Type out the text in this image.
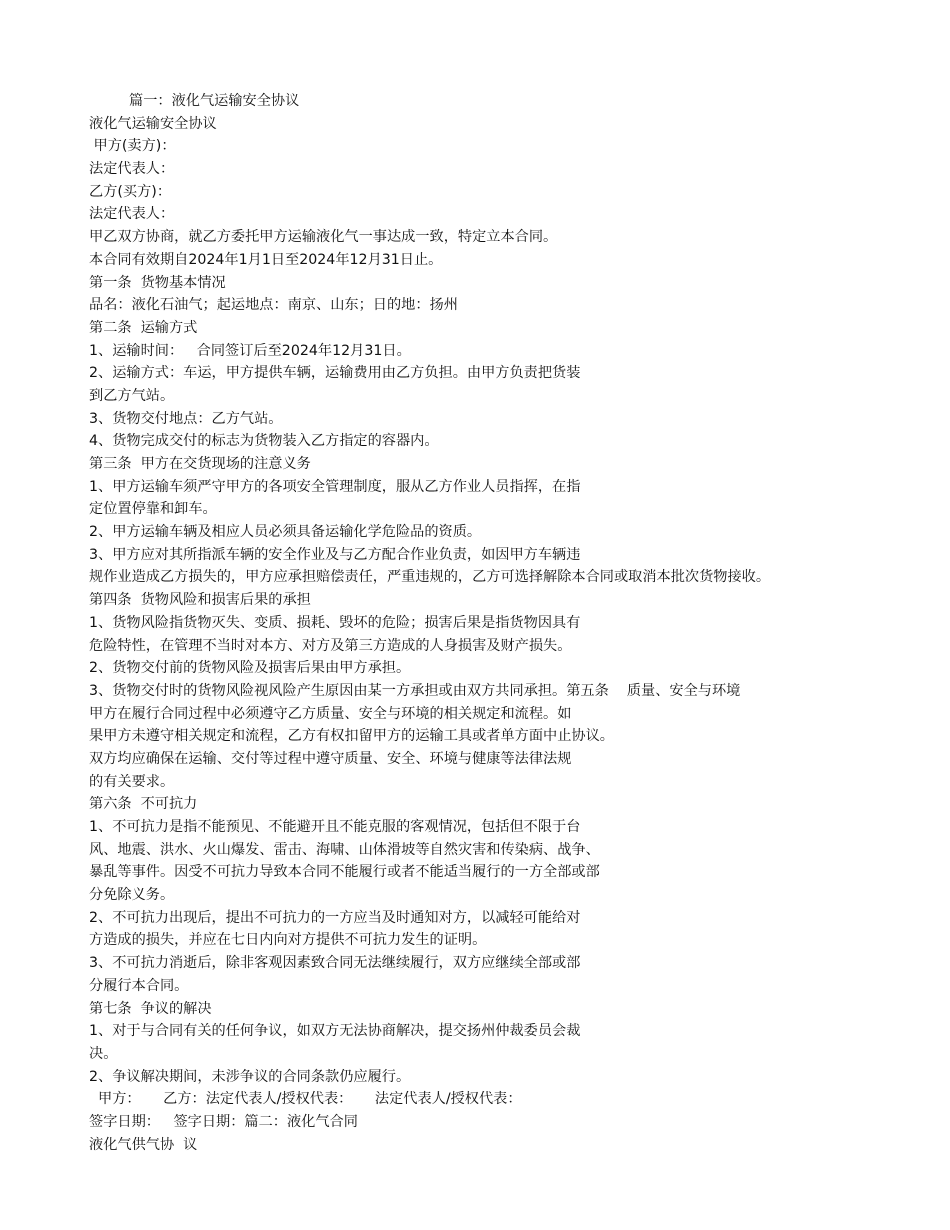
篇一：液化气运输安全协议
液化气运输安全协议
甲方(卖方)：
法定代表人：
乙方(买方)：
法定代表人：
甲乙双方协商，就乙方委托甲方运输液化气一事达成一致，特定立本合同。
本合同有效期自2024年1月1日至2024年12月31日止。
第一条  货物基本情况
品名：液化石油气；起运地点：南京、山东；日的地：扬州
第二条  运输方式
1、运输时间：   合同签订后至2024年12月31日。
2、运输方式：车运，甲方提供车辆，运输费用由乙方负担。由甲方负责把货装
到乙方气站。
3、货物交付地点：乙方气站。
4、货物完成交付的标志为货物装入乙方指定的容器内。
第三条  甲方在交货现场的注意义务
1、甲方运输车须严守甲方的各项安全管理制度，服从乙方作业人员指挥，在指
定位置停靠和卸车。
2、甲方运输车辆及相应人员必须具备运输化学危险品的资质。
3、甲方应对其所指派车辆的安全作业及与乙方配合作业负责，如因甲方车辆违
规作业造成乙方损失的，甲方应承担赔偿责任，严重违规的，乙方可选择解除本合同或取消本批次货物接收。
第四条  货物风险和损害后果的承担
1、货物风险指货物灭失、变质、损耗、毁坏的危险；损害后果是指货物因具有
危险特性，在管理不当时对本方、对方及第三方造成的人身损害及财产损失。
2、货物交付前的货物风险及损害后果由甲方承担。
3、货物交付时的货物风险视风险产生原因由某一方承担或由双方共同承担。第五条    质量、安全与环境
甲方在履行合同过程中必须遵守乙方质量、安全与环境的相关规定和流程。如
果甲方未遵守相关规定和流程，乙方有权扣留甲方的运输工具或者单方面中止协议。
双方均应确保在运输、交付等过程中遵守质量、安全、环境与健康等法律法规
的有关要求。
第六条  不可抗力
1、不可抗力是指不能预见、不能避开且不能克服的客观情况，包括但不限于台
风、地震、洪水、火山爆发、雷击、海啸、山体滑坡等自然灾害和传染病、战争、
暴乱等事件。因受不可抗力导致本合同不能履行或者不能适当履行的一方全部或部
分免除义务。
2、不可抗力出现后，提出不可抗力的一方应当及时通知对方，以减轻可能给对
方造成的损失，并应在七日内向对方提供不可抗力发生的证明。
3、不可抗力消逝后，除非客观因素致合同无法继续履行，双方应继续全部或部
分履行本合同。
第七条  争议的解决
1、对于与合同有关的任何争议，如双方无法协商解决，提交扬州仲裁委员会裁
决。
2、争议解决期间，未涉争议的合同条款仍应履行。
甲方：     乙方：法定代表人/授权代表：     法定代表人/授权代表：
签字日期：   签字日期：篇二：液化气合同
液化气供气协  议
